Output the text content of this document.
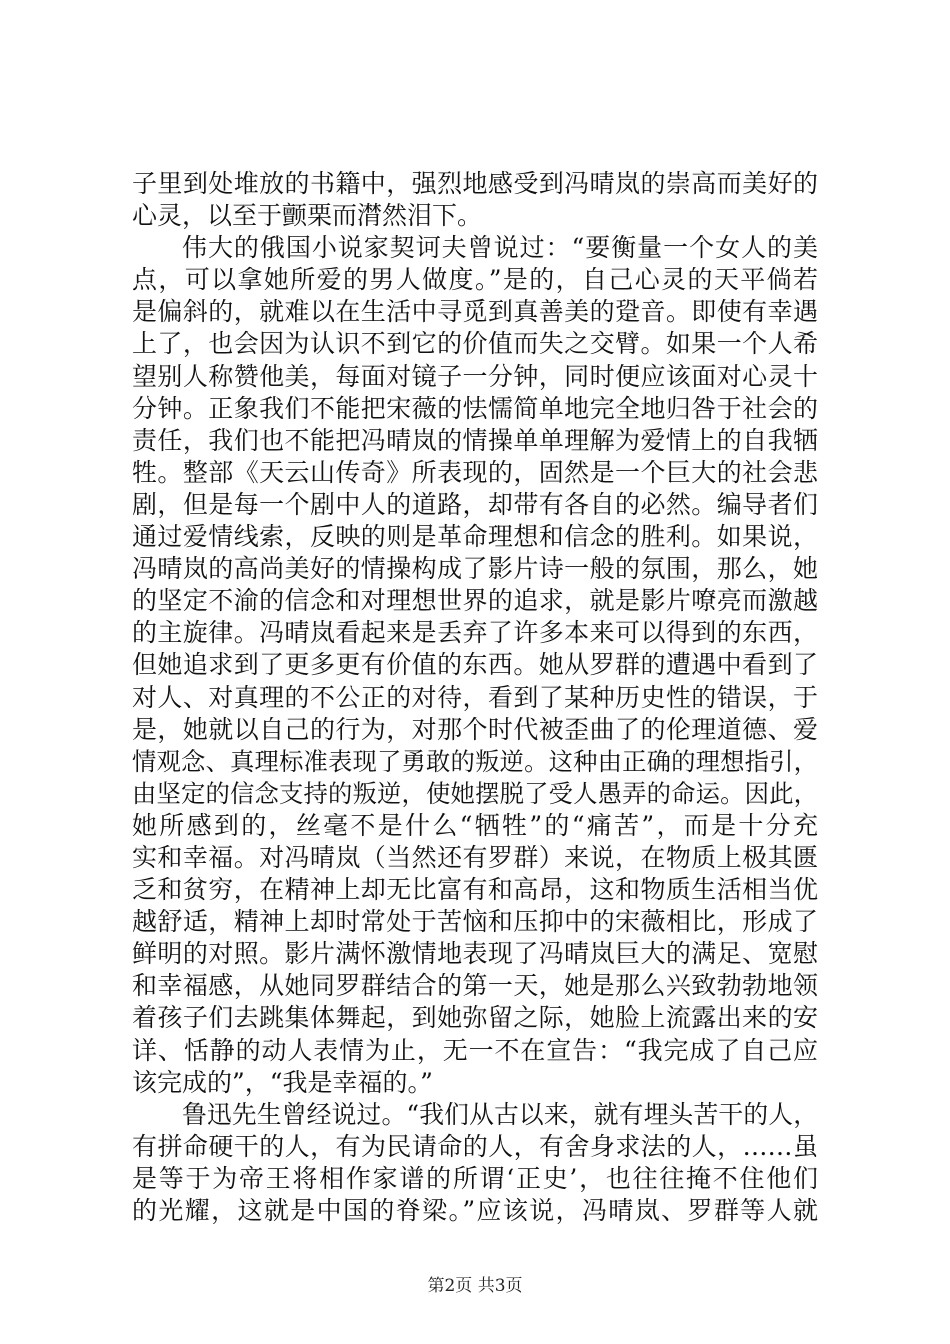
子里到处堆放的书籍中，强烈地感受到冯晴岚的崇高而美好的
心灵，以至于颤栗而潸然泪下。
伟大的俄国小说家契诃夫曾说过：“要衡量一个女人的美
点，可以拿她所爱的男人做度。”是的，自己心灵的天平倘若
是偏斜的，就难以在生活中寻觅到真善美的跫音。即使有幸遇
上了，也会因为认识不到它的价值而失之交臂。如果一个人希
望别人称赞他美，每面对镜子一分钟，同时便应该面对心灵十
分钟。正象我们不能把宋薇的怯懦简单地完全地归咎于社会的
责任，我们也不能把冯晴岚的情操单单理解为爱情上的自我牺
牲。整部《天云山传奇》所表现的，固然是一个巨大的社会悲
剧，但是每一个剧中人的道路，却带有各自的必然。编导者们
通过爱情线索，反映的则是革命理想和信念的胜利。如果说，
冯晴岚的高尚美好的情操构成了影片诗一般的氛围，那么，她
的坚定不渝的信念和对理想世界的追求，就是影片嘹亮而激越
的主旋律。冯晴岚看起来是丢弃了许多本来可以得到的东西，
但她追求到了更多更有价值的东西。她从罗群的遭遇中看到了
对人、对真理的不公正的对待，看到了某种历史性的错误，于
是，她就以自己的行为，对那个时代被歪曲了的伦理道德、爱
情观念、真理标准表现了勇敢的叛逆。这种由正确的理想指引，
由坚定的信念支持的叛逆，使她摆脱了受人愚弄的命运。因此，
她所感到的，丝毫不是什么“牺牲”的“痛苦”，而是十分充
实和幸福。对冯晴岚（当然还有罗群）来说，在物质上极其匮
乏和贫穷，在精神上却无比富有和高昂，这和物质生活相当优
越舒适，精神上却时常处于苦恼和压抑中的宋薇相比，形成了
鲜明的对照。影片满怀激情地表现了冯晴岚巨大的满足、宽慰
和幸福感，从她同罗群结合的第一天，她是那么兴致勃勃地领
着孩子们去跳集体舞起，到她弥留之际，她脸上流露出来的安
详、恬静的动人表情为止，无一不在宣告：“我完成了自己应
该完成的”，“我是幸福的。”
鲁迅先生曾经说过。“我们从古以来，就有埋头苦干的人，
有拼命硬干的人，有为民请命的人，有舍身求法的人，……虽
是等于为帝王将相作家谱的所谓‘正史’，也往往掩不住他们
的光耀，这就是中国的脊梁。”应该说，冯晴岚、罗群等人就
第2页 共3页
